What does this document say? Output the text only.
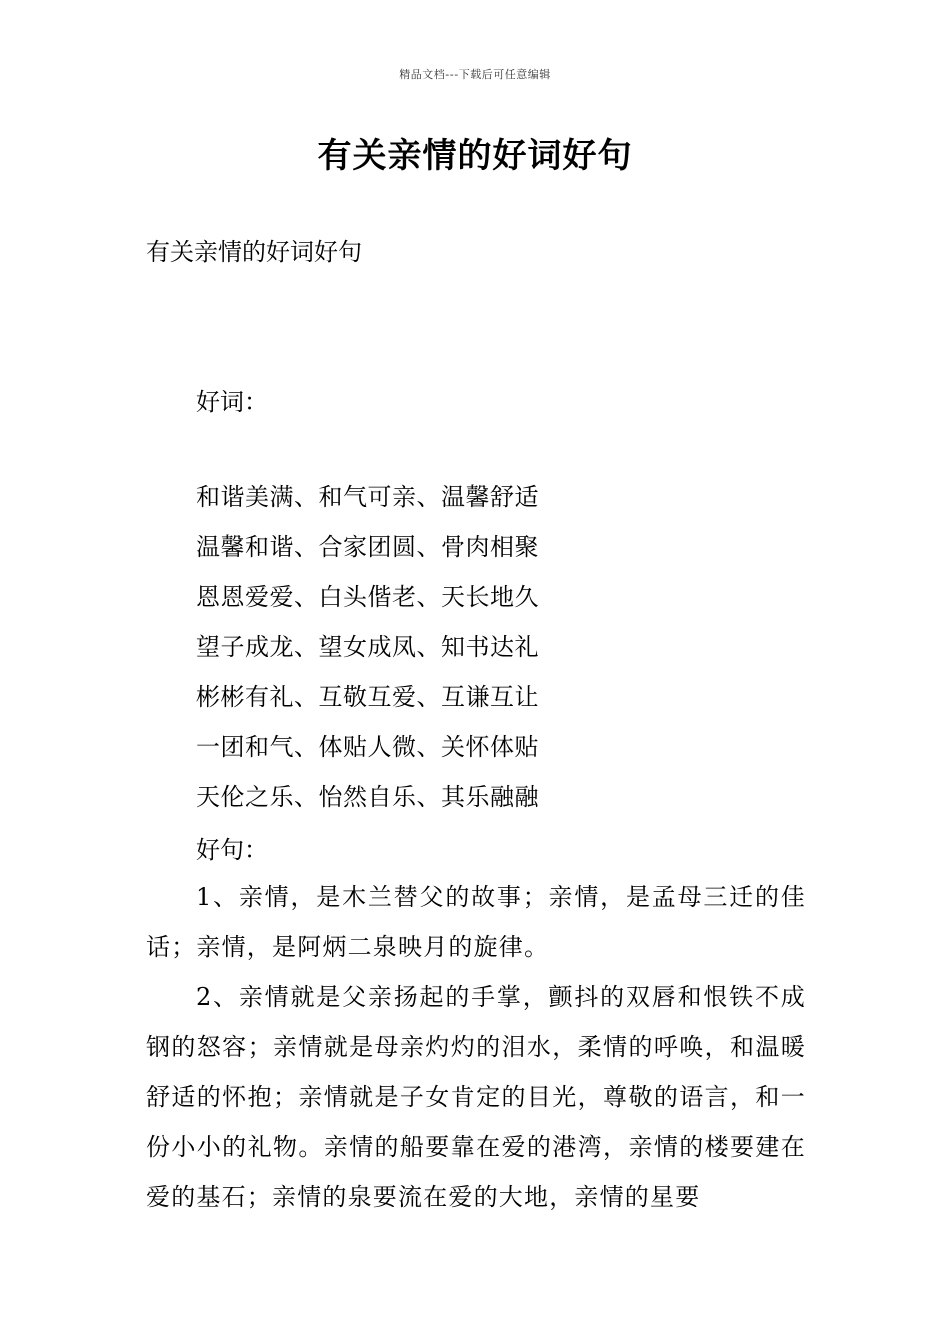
精品文档---下载后可任意编辑
有关亲情的好词好句

有关亲情的好词好句

好词：

和谐美满、和气可亲、温馨舒适
温馨和谐、合家团圆、骨肉相聚
恩恩爱爱、白头偕老、天长地久
望子成龙、望女成凤、知书达礼
彬彬有礼、互敬互爱、互谦互让
一团和气、体贴人微、关怀体贴
天伦之乐、怡然自乐、其乐融融

好句：

1、亲情，是木兰替父的故事；亲情，是孟母三迁的佳话；亲情，是阿炳二泉映月的旋律。

2、亲情就是父亲扬起的手掌，颤抖的双唇和恨铁不成钢的怒容；亲情就是母亲灼灼的泪水，柔情的呼唤，和温暖舒适的怀抱；亲情就是子女肯定的目光，尊敬的语言，和一份小小的礼物。亲情的船要靠在爱的港湾，亲情的楼要建在爱的基石；亲情的泉要流在爱的大地，亲情的星要
